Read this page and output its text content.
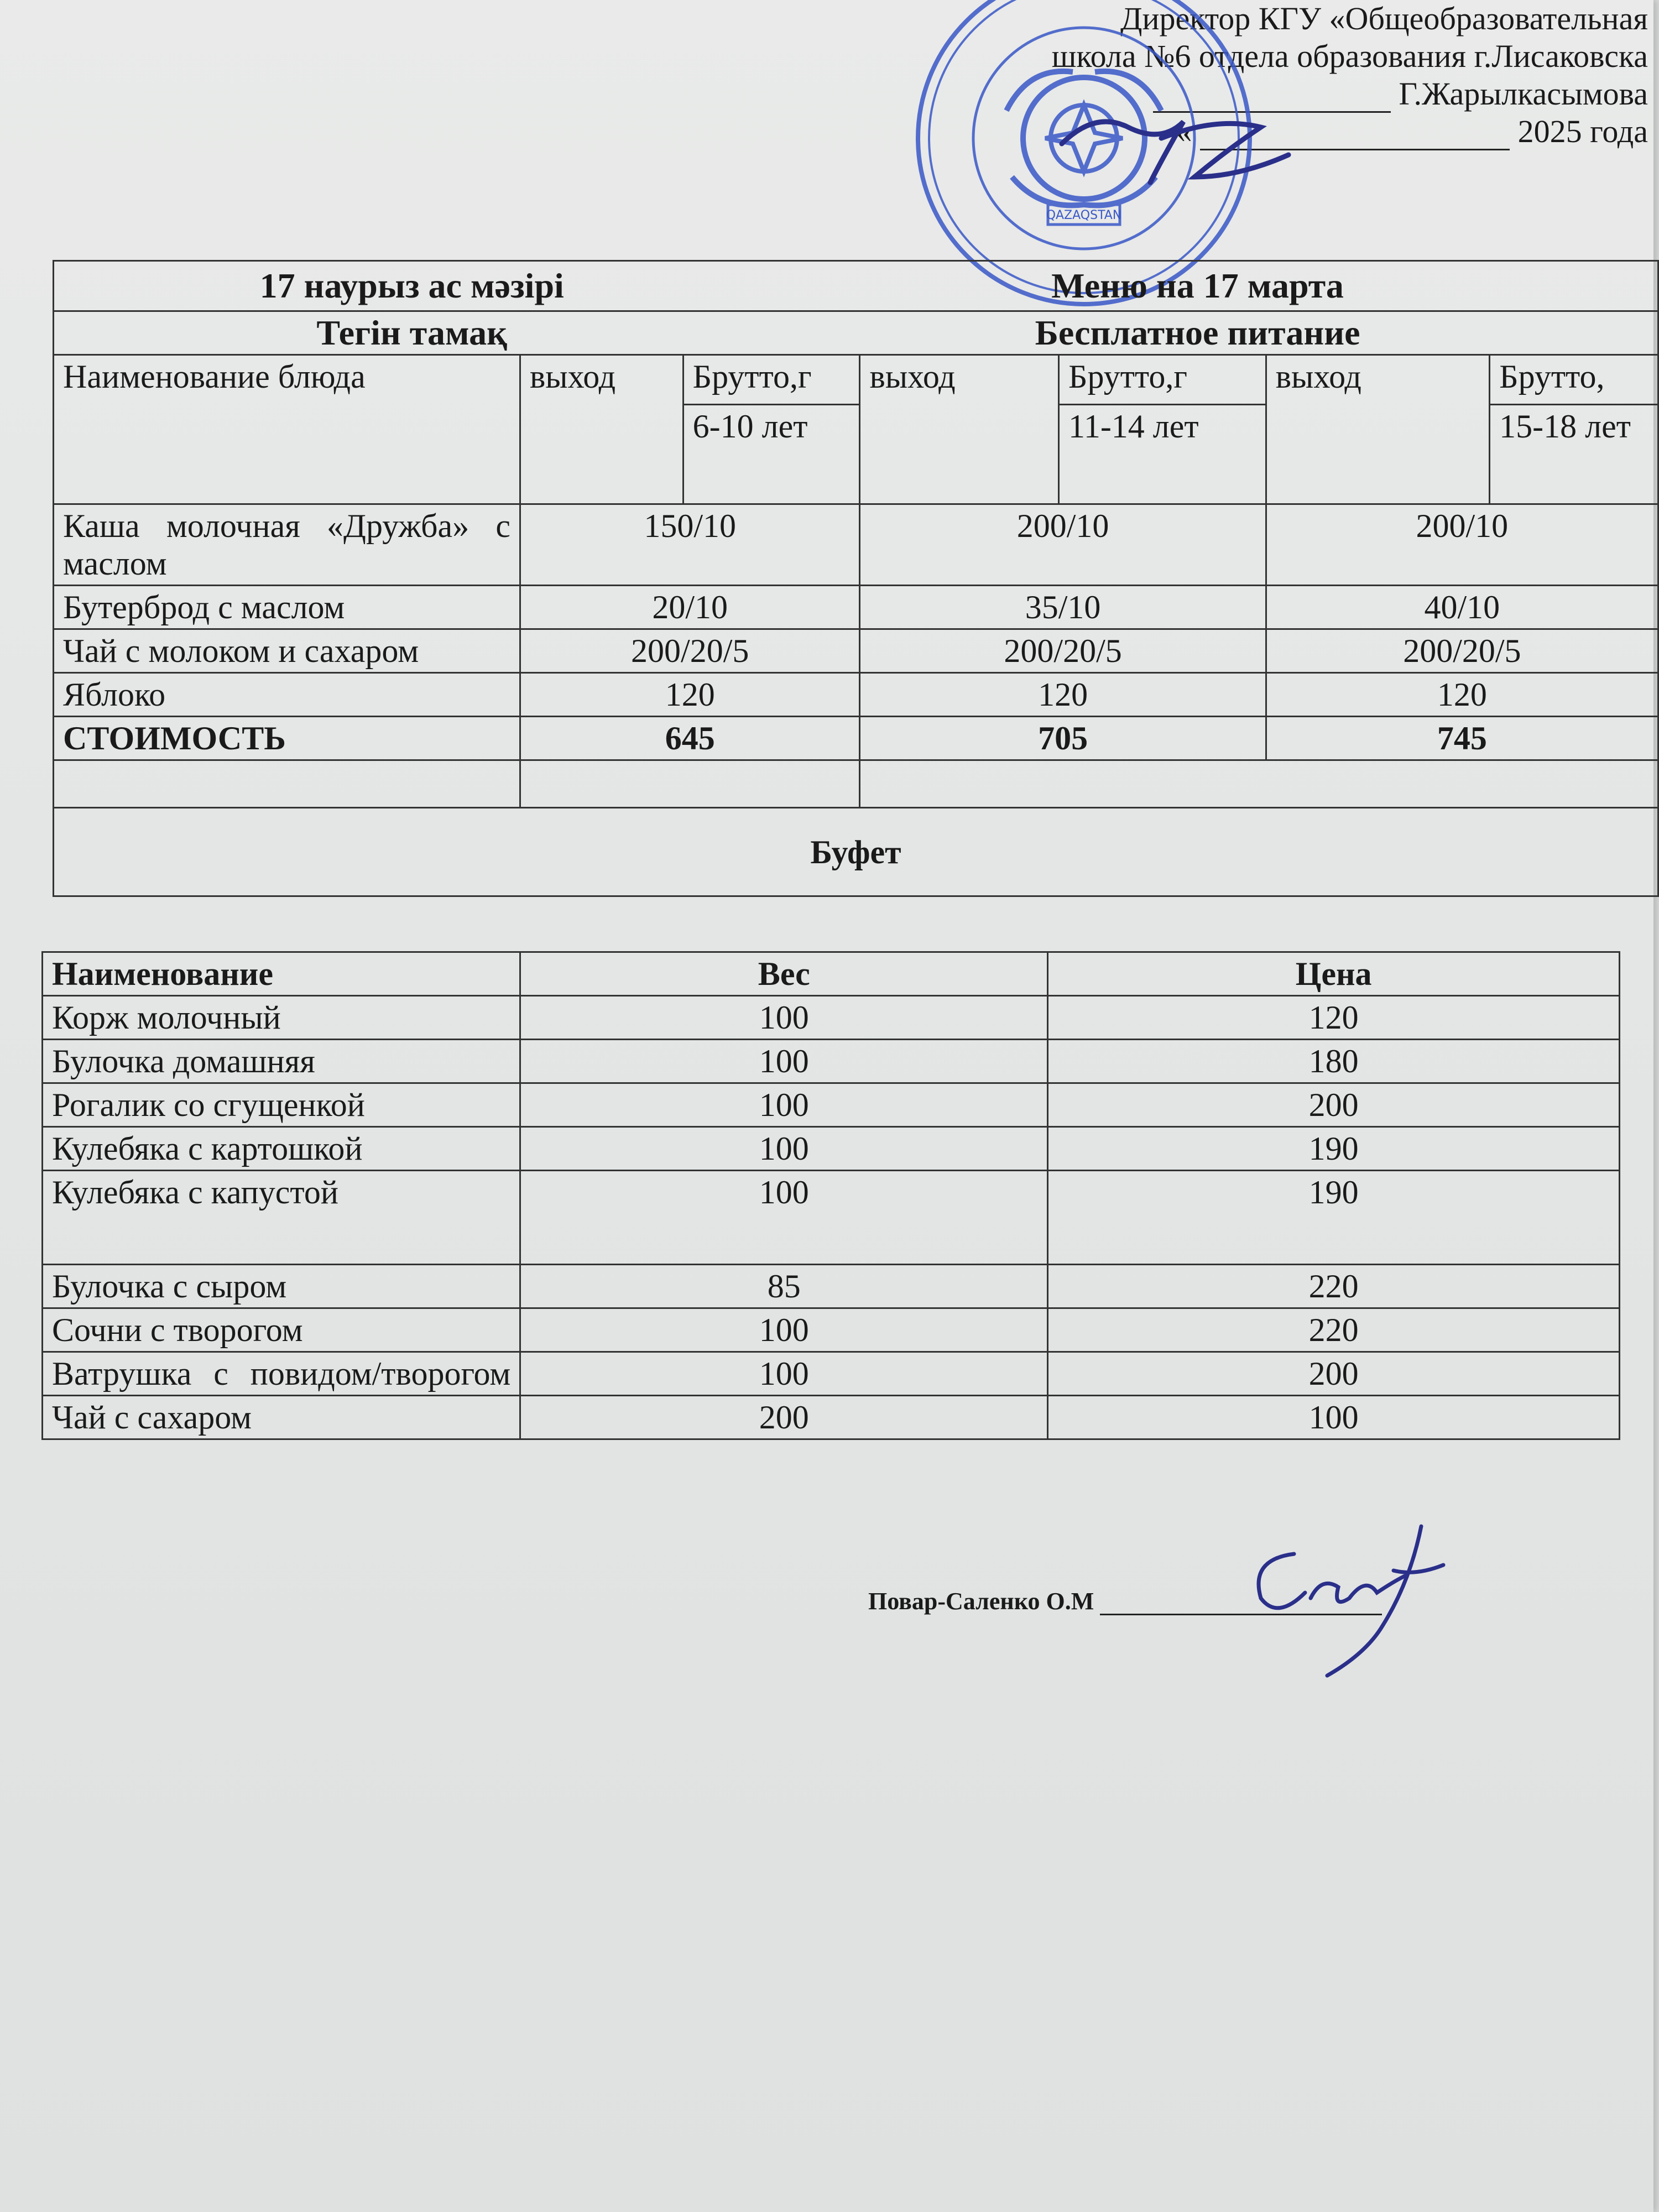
Директор КГУ «Общеобразовательная
школа №6 отдела образования г.Лисаковска
Г.Жарылкасымова
«	2025 года
QAZAQSTAN
17 наурыз ас мәзірі Меню на 17 марта						
Тегін тамақ Бесплатное питание						
Наименование блюда	выход	Брутто,г	выход	Брутто,г	выход	Брутто,
		6-10 лет		11-14 лет		15-18 лет
Каша молочная «Дружба» с маслом	150/10		200/10		200/10	
Бутерброд с маслом	20/10		35/10		40/10	
Чай с молоком и сахаром	200/20/5		200/20/5		200/20/5	
Яблоко	120		120		120	
СТОИМОСТЬ	645		705		745	

Буфет						
Наименование	Вес	Цена
Корж молочный	100	120
Булочка домашняя	100	180
Рогалик со сгущенкой	100	200
Кулебяка с картошкой	100	190
Кулебяка с капустой	100	190
Булочка с сыром	85	220
Сочни с творогом	100	220
Ватрушка с повидом/творогом	100	200
Чай с сахаром	200	100
Повар-Саленко О.М
